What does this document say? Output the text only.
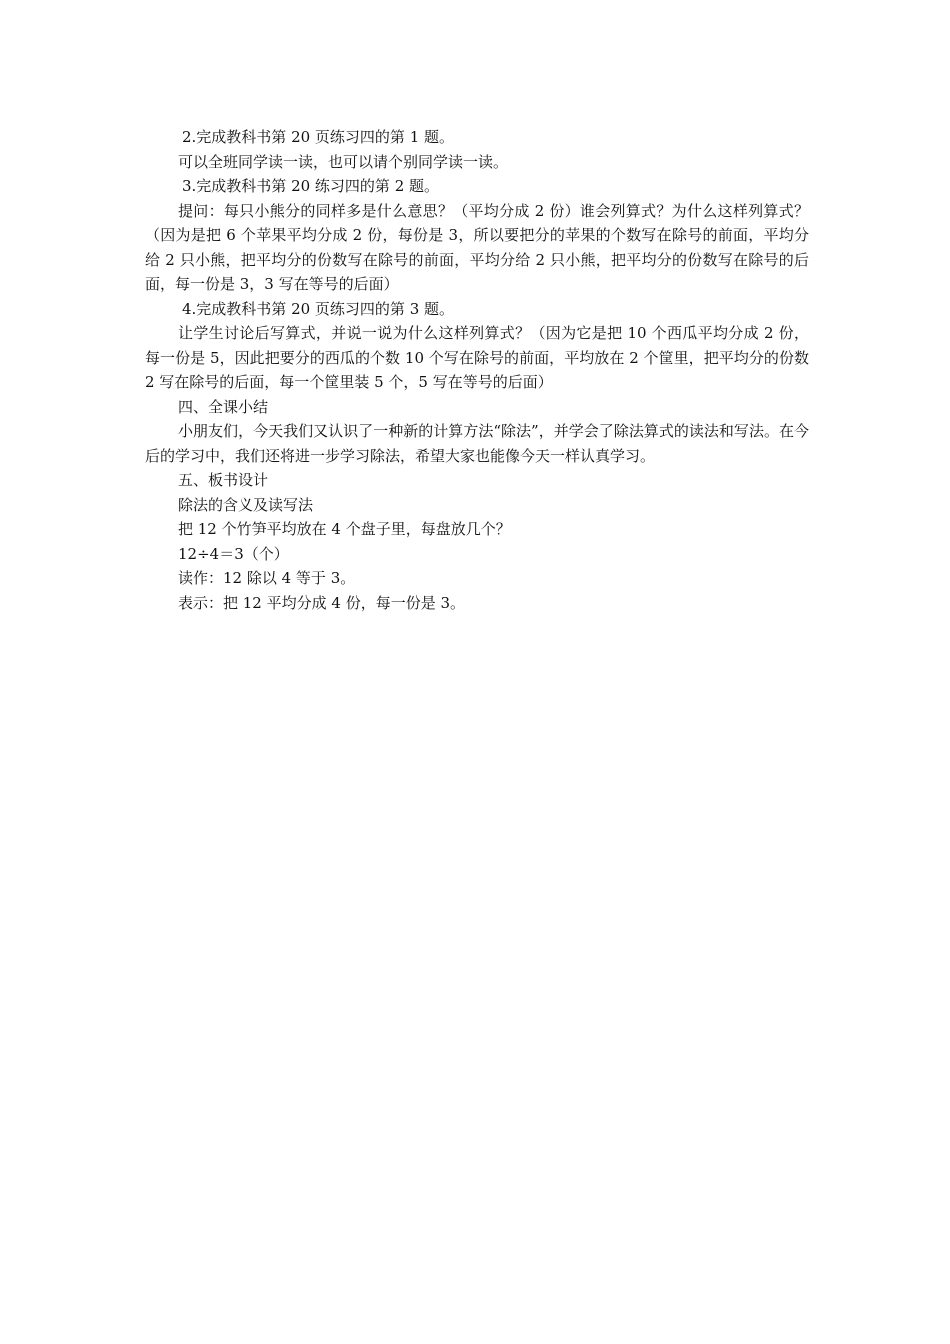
2.完成教科书第 20 页练习四的第 1 题。

可以全班同学读一读，也可以请个别同学读一读。

3.完成教科书第 20 练习四的第 2 题。

提问：每只小熊分的同样多是什么意思？（平均分成 2 份）谁会列算式？为什么这样列算式？（因为是把 6 个苹果平均分成 2 份，每份是 3，所以要把分的苹果的个数写在除号的前面，平均分给 2 只小熊，把平均分的份数写在除号的前面，平均分给 2 只小熊，把平均分的份数写在除号的后面，每一份是 3，3 写在等号的后面）

4.完成教科书第 20 页练习四的第 3 题。

让学生讨论后写算式，并说一说为什么这样列算式？（因为它是把 10 个西瓜平均分成 2 份，每一份是 5，因此把要分的西瓜的个数 10 个写在除号的前面，平均放在 2 个筐里，把平均分的份数 2 写在除号的后面，每一个筐里装 5 个，5 写在等号的后面）

四、全课小结

小朋友们，今天我们又认识了一种新的计算方法“除法”，并学会了除法算式的读法和写法。在今后的学习中，我们还将进一步学习除法，希望大家也能像今天一样认真学习。

五、板书设计

除法的含义及读写法

把 12 个竹笋平均放在 4 个盘子里，每盘放几个？

12÷4＝3（个）

读作：12 除以 4 等于 3。

表示：把 12 平均分成 4 份，每一份是 3。
